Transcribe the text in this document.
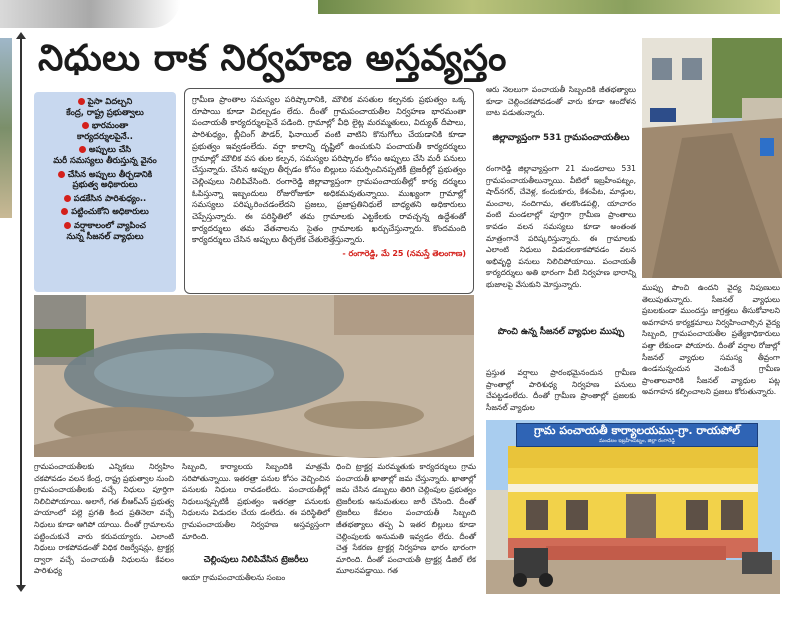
నిధులు రాక నిర్వహణ అస్తవ్యస్తం
పైసా విదల్చని
కేంద్ర, రాష్ట్ర ప్రభుత్వాలు
భారమంతా
కార్యదర్శులపైనే..
అప్పులు చేసి
మరీ సమస్యలు తీరుస్తున్న వైనం
చేసిన అప్పులు తీర్చడానికి
ప్రభుత్వ అధికారులు
పడకేసిన పారిశుధ్యం..
పట్టించుకోని అధికారులు
వర్షాకాలంలో వ్యాపించ
నున్న సీజనల్ వ్యాధులు
గ్రామీణ ప్రాంతాల సమస్యల పరిష్కారానికి, మౌలిక వసతుల కల్పనకు ప్రభుత్వం ఒక్క రూపాయి కూడా విదల్చడం లేదు. దీంతో గ్రామపంచాయతీల నిర్వహణ భారమంతా పంచాయతీ కార్యదర్శులపైనే పడింది. గ్రామాల్లో వీధి లైట్ల మరమ్మతులు, విద్యుత్ దీపాలు, పారిశుధ్యం, బ్లీచింగ్ పౌడర్, ఫినాయిల్ వంటి వాటిని కొనుగోలు చేయడానికి కూడా ప్రభుత్వం ఇవ్వడంలేదు. వర్షా కాలాన్ని దృష్టిలో ఉంచుకుని పంచాయతీ కార్యదర్శులు గ్రామాల్లో మౌలిక వస తుల కల్పన, సమస్యల పరిష్కారం కోసం అప్పులు చేసి మరీ పనులు చేస్తున్నారు. చేసిన అప్పుల తీర్చడం కోసం బిల్లులు సమర్పించినప్పటికీ ట్రెజరీల్లో ప్రభుత్వం చెల్లింపులు నిలిపివేసింది. రంగారెడ్డి జిల్లావ్యాప్తంగా గ్రామపంచాయతీల్లో కార్య దర్శులు ఓపిస్తున్నా ఇబ్బందులు రోజురోజుకూ అధికమవుతున్నాయి. ముఖ్యంగా గ్రామాల్లో సమస్యలు పరిష్కరించడంలేదని ప్రజలు, ప్రజాప్రతినిధులే బాధ్యతని అధికారులు చెప్పేస్తున్నారు. ఈ పరిస్థితిలో తమ గ్రామాలకు ఎట్టకేలకు రావచ్చన్న ఉద్దేశంతో కార్యదర్శులు తమ వేతనాలను సైతం గ్రామాలకు ఖర్చుచేస్తున్నారు. కొందమంది కార్యదర్శులు చేసిన అప్పులు తీర్చలేక చేతులెత్తేస్తున్నారు.
- రంగారెడ్డి, మే 25 (నమస్తే తెలంగాణ)
గ్రామపంచాయతీలకు ఎన్నికలు నిర్వహిం చకపోవడం వలన కేంద్ర, రాష్ట్ర ప్రభుత్వాల నుంచి గ్రామపంచాయతీలకు వచ్చే నిధులు పూర్తిగా నిలిచిపోయాయి. అలాగే, గత బీఆర్ఎస్ ప్రభుత్వ హయాంలో పల్లె ప్రగతి కింద ప్రతినెలా వచ్చే నిధులు కూడా ఆగిపో యాయి. దీంతో గ్రామాలను పట్టించుకునే వారు కరువయ్యారు. ఎలాంటి నిధులు రాకపోవడంతో విధిక రిజర్వేషన్లు, ట్రాక్టర్ల ద్వారా వచ్చే పంచాయతీ నిధులను కేవలం పారిశుధ్య
సిబ్బంది, కార్యాలయ సిబ్బందికి మాత్రమే సరిపోతున్నాయి. ఇతరత్రా పనుల కోసం వెచ్చించిన పనులకు నిధులు రావడంలేదు. పంచాయతీల్లో నిధులున్నప్పటికీ ప్రభుత్వం ఇతరత్రా పనులకు నిధులను విడుదల చేయ డంలేదు. ఈ పరిస్థితిలో గ్రామపంచాయతీల నిర్వహణ అస్తవ్యస్తంగా మారింది.
చెల్లింపులు నిలిపివేసిన ట్రెజరీలు
ఆయా గ్రామపంచాయతీలను సంబం
ధించి ట్రాక్టర్ల మరమ్మతుకు కార్యదర్శులు గ్రామ పంచాయతీ ఖాతాల్లో జమ చేస్తున్నారు. ఖాతాల్లో జమ చేసిన డబ్బులు తిరిగి చెల్లింపుల ప్రభుత్వం ట్రెజరీలకు అనుమతులు జారీ చేసింది. దీంతో ట్రెజరీలు కేవలం పంచాయతీ సిబ్బంది జీతభత్యాలు తప్ప ఏ ఇతర బిల్లులు కూడా చెల్లింపులకు అనుమతి ఇవ్వడం లేదు. దీంతో చెత్త సేకరణ ట్రాక్టర్ల నిర్వహణ భారం భారంగా మారింది. దీంతో పంచాయతీ ట్రాక్టర్ల డీజిల్ లేక మూలనపడ్డాయి. గత
ఆరు నెలలుగా పంచాయతీ సిబ్బందికి జీతభత్యాలు కూడా చెల్లించకపోవడంతో వారు కూడా ఆందోళన బాట పడుతున్నారు.
జిల్లావ్యాప్తంగా 531 గ్రామపంచాయతీలు
రంగారెడ్డి జిల్లావ్యాప్తంగా 21 మండలాలు 531 గ్రామపంచాయతీలున్నాయి. వీటిలో ఇబ్రహీంపట్నం, షాద్‌నగర్, చేవెళ్ల, కందుకూరు, కేశంపేట, మాడ్గుల, మంచాల, నందిగామ, తలకొండపల్లి, యాచారం వంటి మండలాల్లో పూర్తిగా గ్రామీణ ప్రాంతాలు కావడం వలన సమస్యలు కూడా అంతంత మాత్రంగానే పరిష్కరిస్తున్నారు. ఈ గ్రామాలకు ఎలాంటి నిధులు విడుదలకాకపోవడం వలన అభివృద్ధి పనులు నిలిచిపోయాయి. పంచాయతీ కార్యదర్శులు అతి భారంగా వీటి నిర్వహణ భారాన్ని భుజాలపై వేసుకుని మోస్తున్నారు.
పొంచి ఉన్న సీజనల్ వ్యాధుల ముప్పు
ప్రస్తుత వర్షాలు ప్రారంభమైనందున గ్రామీణ ప్రాంతాల్లో పారిశుధ్య నిర్వహణ పనులు చేపట్టడంలేదు. దీంతో గ్రామీణ ప్రాంతాల్లో ప్రజలకు సీజనల్ వ్యాధుల
ముప్పు పొంచి ఉందని వైద్య నిపుణులు తెలుపుతున్నారు. సీజనల్ వ్యాధులు ప్రబలకుండా ముందస్తు జాగ్రత్తలు తీసుకోవాలని అవగాహన కార్యక్రమాలు నిర్వహించాల్సిన వైద్య సిబ్బంది, గ్రామపంచాయతీల ప్రత్యేకాధికారులు పత్తా లేకుండా పోయారు. దీంతో వర్షాల రోజుల్లో సీజనల్ వ్యాధుల సమస్య తీవ్రంగా ఉండనున్నందున వెంటనే గ్రామీణ ప్రాంతాలవారికి సీజనల్ వ్యాధుల పట్ల అవగాహన కల్పించాలని ప్రజలు కోరుతున్నారు.
గ్రామ పంచాయతీ కార్యాలయము-గ్రా. రాయపోల్
మండలం ఇబ్రహీంపట్నం, జిల్లా రంగారెడ్డి
